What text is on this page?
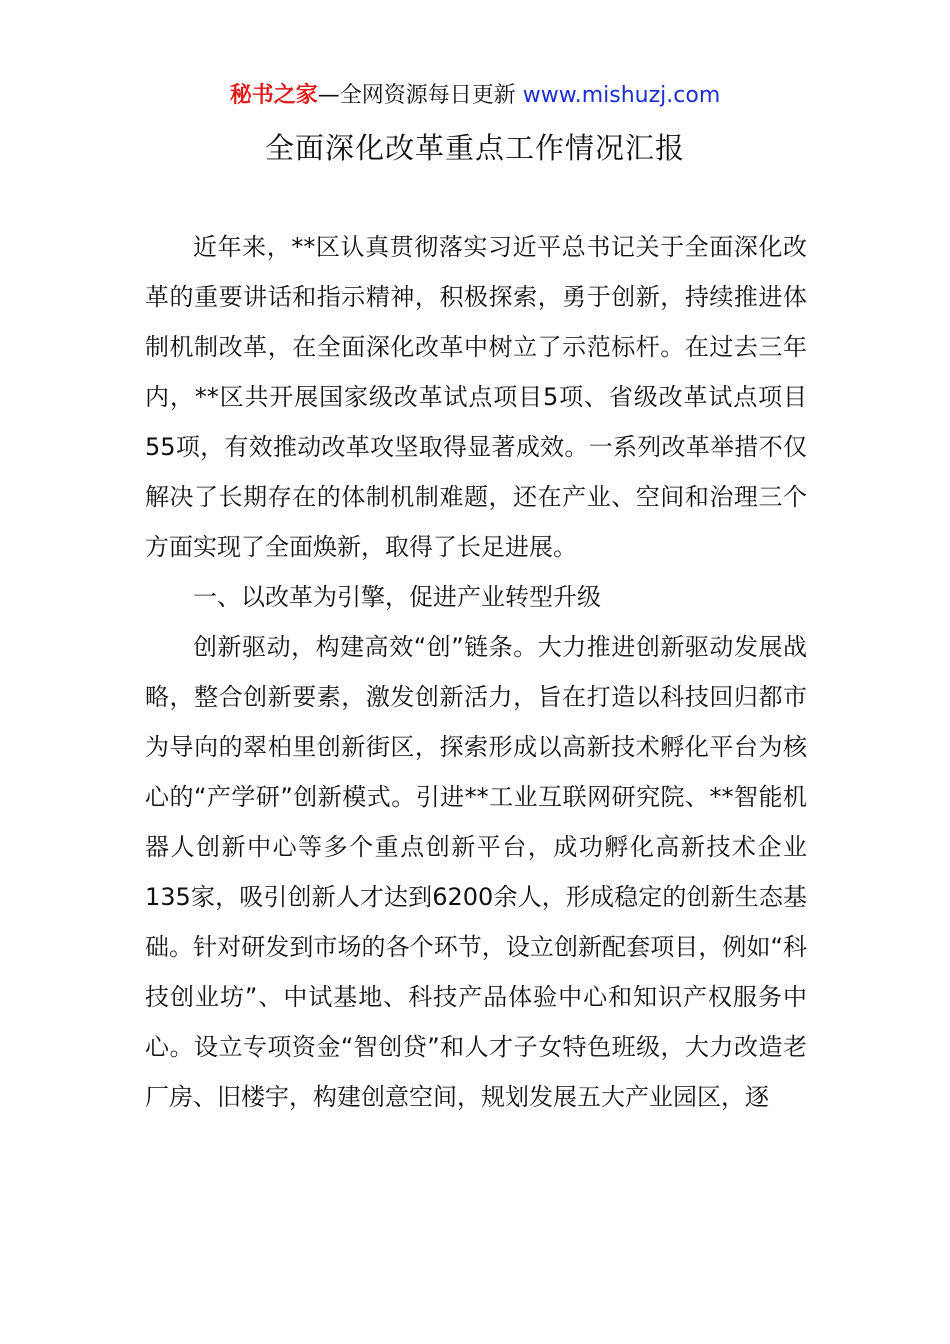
秘书之家—全网资源每日更新 www.mishuzj.com
全面深化改革重点工作情况汇报

近年来，**区认真贯彻落实习近平总书记关于全面深化改革的重要讲话和指示精神，积极探索，勇于创新，持续推进体制机制改革，在全面深化改革中树立了示范标杆。在过去三年内，**区共开展国家级改革试点项目5项、省级改革试点项目55项，有效推动改革攻坚取得显著成效。一系列改革举措不仅解决了长期存在的体制机制难题，还在产业、空间和治理三个方面实现了全面焕新，取得了长足进展。

一、以改革为引擎，促进产业转型升级

创新驱动，构建高效“创”链条。大力推进创新驱动发展战略，整合创新要素，激发创新活力，旨在打造以科技回归都市为导向的翠柏里创新街区，探索形成以高新技术孵化平台为核心的“产学研”创新模式。引进**工业互联网研究院、**智能机器人创新中心等多个重点创新平台，成功孵化高新技术企业135家，吸引创新人才达到6200余人，形成稳定的创新生态基础。针对研发到市场的各个环节，设立创新配套项目，例如“科技创业坊”、中试基地、科技产品体验中心和知识产权服务中心。设立专项资金“智创贷”和人才子女特色班级，大力改造老厂房、旧楼宇，构建创意空间，规划发展五大产业园区，逐
